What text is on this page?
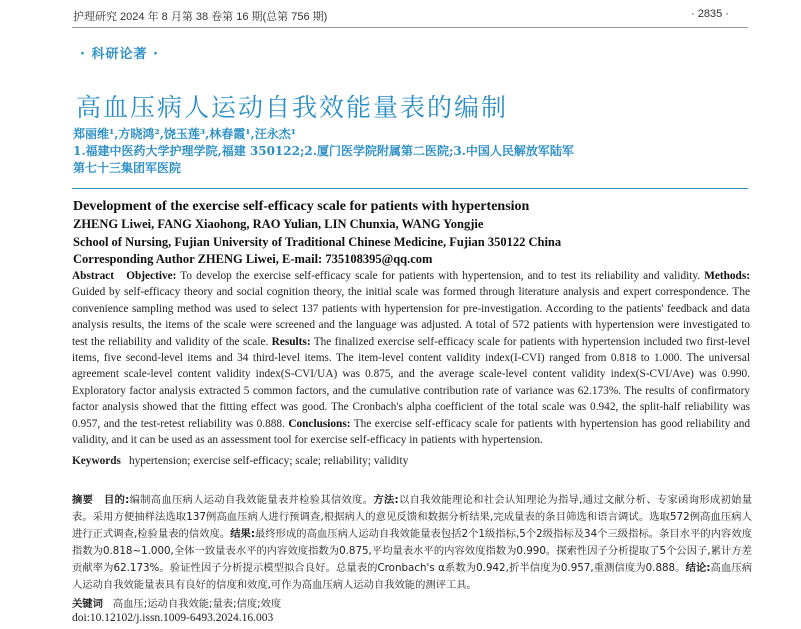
护理研究 2024 年 8 月第 38 卷第 16 期(总第 756 期)	· 2835 ·
· 科研论著 ·
高血压病人运动自我效能量表的编制
郑丽维¹,方晓鸿²,饶玉莲³,林春霞¹,汪永杰¹
1.福建中医药大学护理学院,福建 350122;2.厦门医学院附属第二医院;3.中国人民解放军陆军
第七十三集团军医院
Development of the exercise self-efficacy scale for patients with hypertension
ZHENG Liwei, FANG Xiaohong, RAO Yulian, LIN Chunxia, WANG Yongjie
School of Nursing, Fujian University of Traditional Chinese Medicine, Fujian 350122 China
Corresponding Author ZHENG Liwei, E-mail: 735108395@qq.com
Abstract Objective: To develop the exercise self-efficacy scale for patients with hypertension, and to test its reliability and validity. Methods: Guided by self-efficacy theory and social cognition theory, the initial scale was formed through literature analysis and expert correspondence. The convenience sampling method was used to select 137 patients with hypertension for pre-investigation. According to the patients' feedback and data analysis results, the items of the scale were screened and the language was adjusted. A total of 572 patients with hypertension were investigated to test the reliability and validity of the scale. Results: The finalized exercise self-efficacy scale for patients with hypertension included two first-level items, five second-level items and 34 third-level items. The item-level content validity index(I-CVI) ranged from 0.818 to 1.000. The universal agreement scale-level content validity index(S-CVI/UA) was 0.875, and the average scale-level content validity index(S-CVI/Ave) was 0.990. Exploratory factor analysis extracted 5 common factors, and the cumulative contribution rate of variance was 62.173%. The results of confirmatory factor analysis showed that the fitting effect was good. The Cronbach's alpha coefficient of the total scale was 0.942, the split-half reliability was 0.957, and the test-retest reliability was 0.888. Conclusions: The exercise self-efficacy scale for patients with hypertension has good reliability and validity, and it can be used as an assessment tool for exercise self-efficacy in patients with hypertension.
Keywords hypertension; exercise self-efficacy; scale; reliability; validity
摘要 目的:编制高血压病人运动自我效能量表并检验其信效度。方法:以自我效能理论和社会认知理论为指导,通过文献分析、专家函询形成初始量表。采用方便抽样法选取137例高血压病人进行预调查,根据病人的意见反馈和数据分析结果,完成量表的条目筛选和语言调试。选取572例高血压病人进行正式调查,检验量表的信效度。结果:最终形成的高血压病人运动自我效能量表包括2个1级指标,5个2级指标及34个三级指标。条目水平的内容效度指数为0.818~1.000,全体一致量表水平的内容效度指数为0.875,平均量表水平的内容效度指数为0.990。探索性因子分析提取了5个公因子,累计方差贡献率为62.173%。验证性因子分析提示模型拟合良好。总量表的Cronbach's α系数为0.942,折半信度为0.957,重测信度为0.888。结论:高血压病人运动自我效能量表具有良好的信度和效度,可作为高血压病人运动自我效能的测评工具。
关键词 高血压;运动自我效能;量表;信度;效度
doi:10.12102/j.issn.1009-6493.2024.16.003
